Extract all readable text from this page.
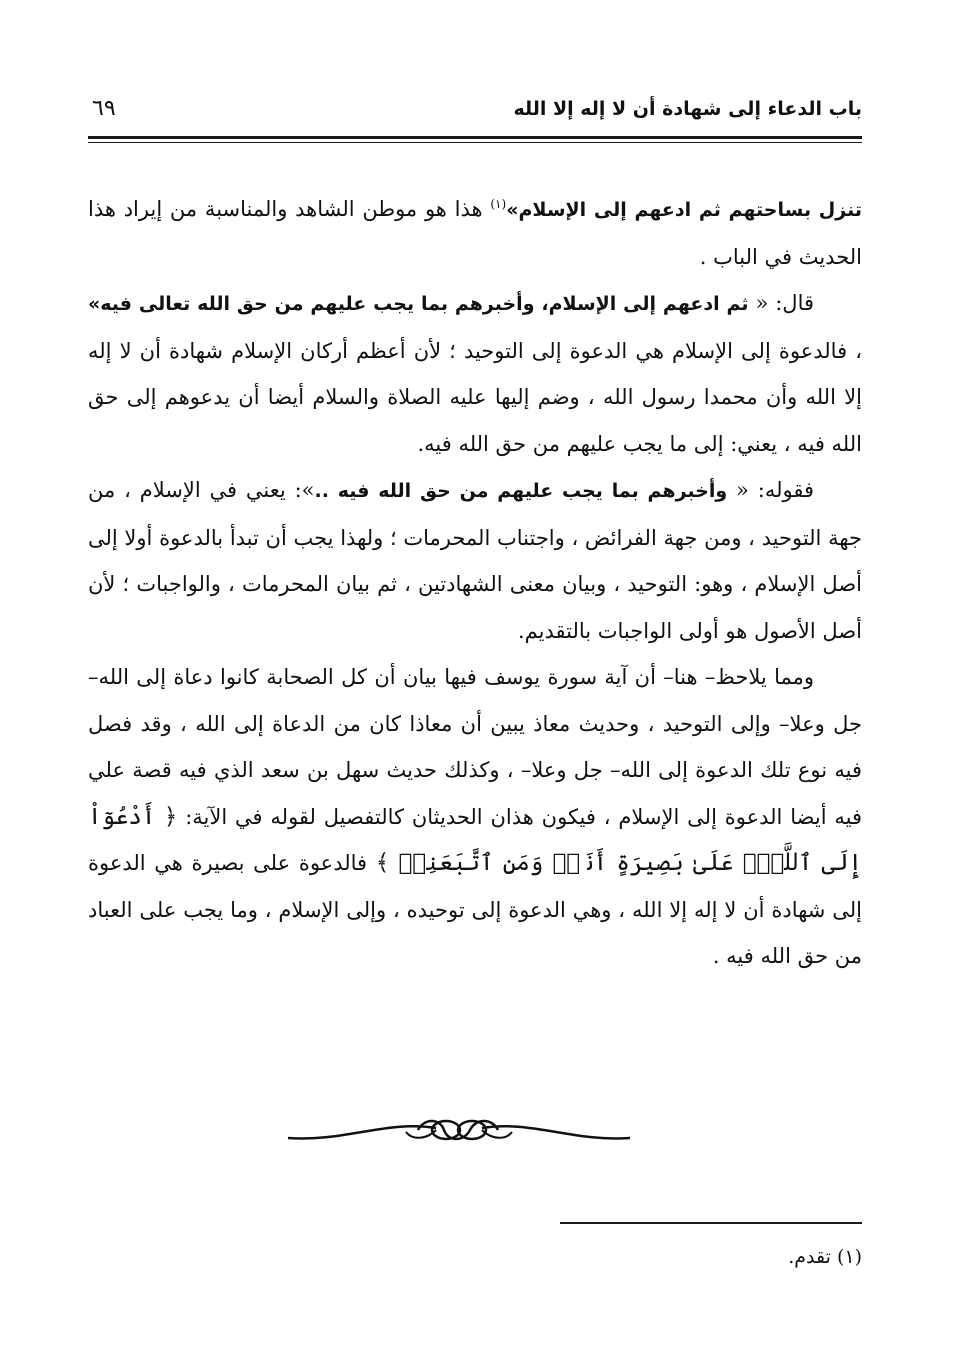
باب الدعاء إلى شهادة أن لا إله إلا الله
٦٩

تنزل بساحتهم ثم ادعهم إلى الإسلام»$^{(١)}$ هذا هو موطن الشاهد والمناسبة من إيراد هذا الحديث في الباب .

قال: « ثم ادعهم إلى الإسلام، وأخبرهم بما يجب عليهم من حق الله تعالى فيه» ، فالدعوة إلى الإسلام هي الدعوة إلى التوحيد ؛ لأن أعظم أركان الإسلام شهادة أن لا إله إلا الله وأن محمدا رسول الله ، وضم إليها عليه الصلاة والسلام أيضا أن يدعوهم إلى حق الله فيه ، يعني: إلى ما يجب عليهم من حق الله فيه.

فقوله: « وأخبرهم بما يجب عليهم من حق الله فيه ..»: يعني في الإسلام ، من جهة التوحيد ، ومن جهة الفرائض ، واجتناب المحرمات ؛ ولهذا يجب أن تبدأ بالدعوة أولا إلى أصل الإسلام ، وهو: التوحيد ، وبيان معنى الشهادتين ، ثم بيان المحرمات ، والواجبات ؛ لأن أصل الأصول هو أولى الواجبات بالتقديم.

ومما يلاحظ– هنا– أن آية سورة يوسف فيها بيان أن كل الصحابة كانوا دعاة إلى الله– جل وعلا– وإلى التوحيد ، وحديث معاذ يبين أن معاذا كان من الدعاة إلى الله ، وقد فصل فيه نوع تلك الدعوة إلى الله– جل وعلا– ، وكذلك حديث سهل بن سعد الذي فيه قصة علي فيه أيضا الدعوة إلى الإسلام ، فيكون هذان الحديثان كالتفصيل لقوله في الآية: ﴿ أَدْعُوٓاْ إِلَى ٱللَّهِۚ عَلَىٰ بَصِيرَةٍ أَنَا۠ وَمَنِ ٱتَّبَعَنِىۖ ﴾ فالدعوة على بصيرة هي الدعوة إلى شهادة أن لا إله إلا الله ، وهي الدعوة إلى توحيده ، وإلى الإسلام ، وما يجب على العباد من حق الله فيه .

(١) تقدم.
